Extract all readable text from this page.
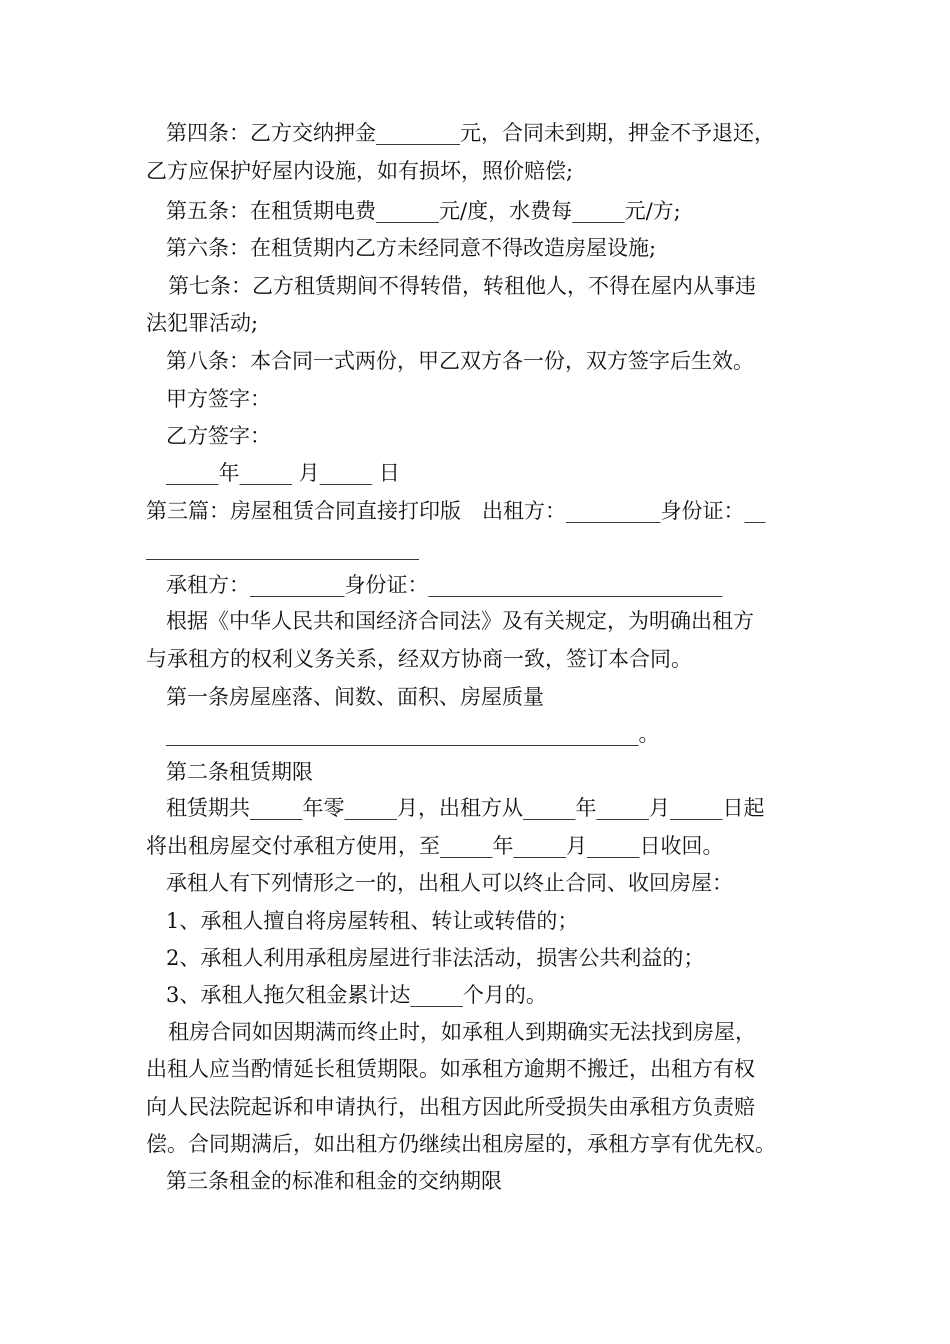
第四条：乙方交纳押金________元，合同未到期，押金不予退还，
乙方应保护好屋内设施，如有损坏，照价赔偿;
第五条：在租赁期电费______元/度，水费每_____元/方;
第六条：在租赁期内乙方未经同意不得改造房屋设施;
第七条：乙方租赁期间不得转借，转租他人，不得在屋内从事违
法犯罪活动;
第八条：本合同一式两份，甲乙双方各一份，双方签字后生效。
甲方签字：
乙方签字：
_____年_____ 月_____ 日
第三篇：房屋租赁合同直接打印版　出租方：_________身份证：__
__________________________
承租方：_________身份证：____________________________
根据《中华人民共和国经济合同法》及有关规定，为明确出租方
与承租方的权利义务关系，经双方协商一致，签订本合同。
第一条房屋座落、间数、面积、房屋质量
_____________________________________________。
第二条租赁期限
租赁期共_____年零_____月，出租方从_____年_____月_____日起
将出租房屋交付承租方使用，至_____年_____月_____日收回。
承租人有下列情形之一的，出租人可以终止合同、收回房屋：
1、承租人擅自将房屋转租、转让或转借的；
2、承租人利用承租房屋进行非法活动，损害公共利益的；
3、承租人拖欠租金累计达_____个月的。
租房合同如因期满而终止时，如承租人到期确实无法找到房屋，
出租人应当酌情延长租赁期限。如承租方逾期不搬迁，出租方有权
向人民法院起诉和申请执行，出租方因此所受损失由承租方负责赔
偿。合同期满后，如出租方仍继续出租房屋的，承租方享有优先权。
第三条租金的标准和租金的交纳期限
